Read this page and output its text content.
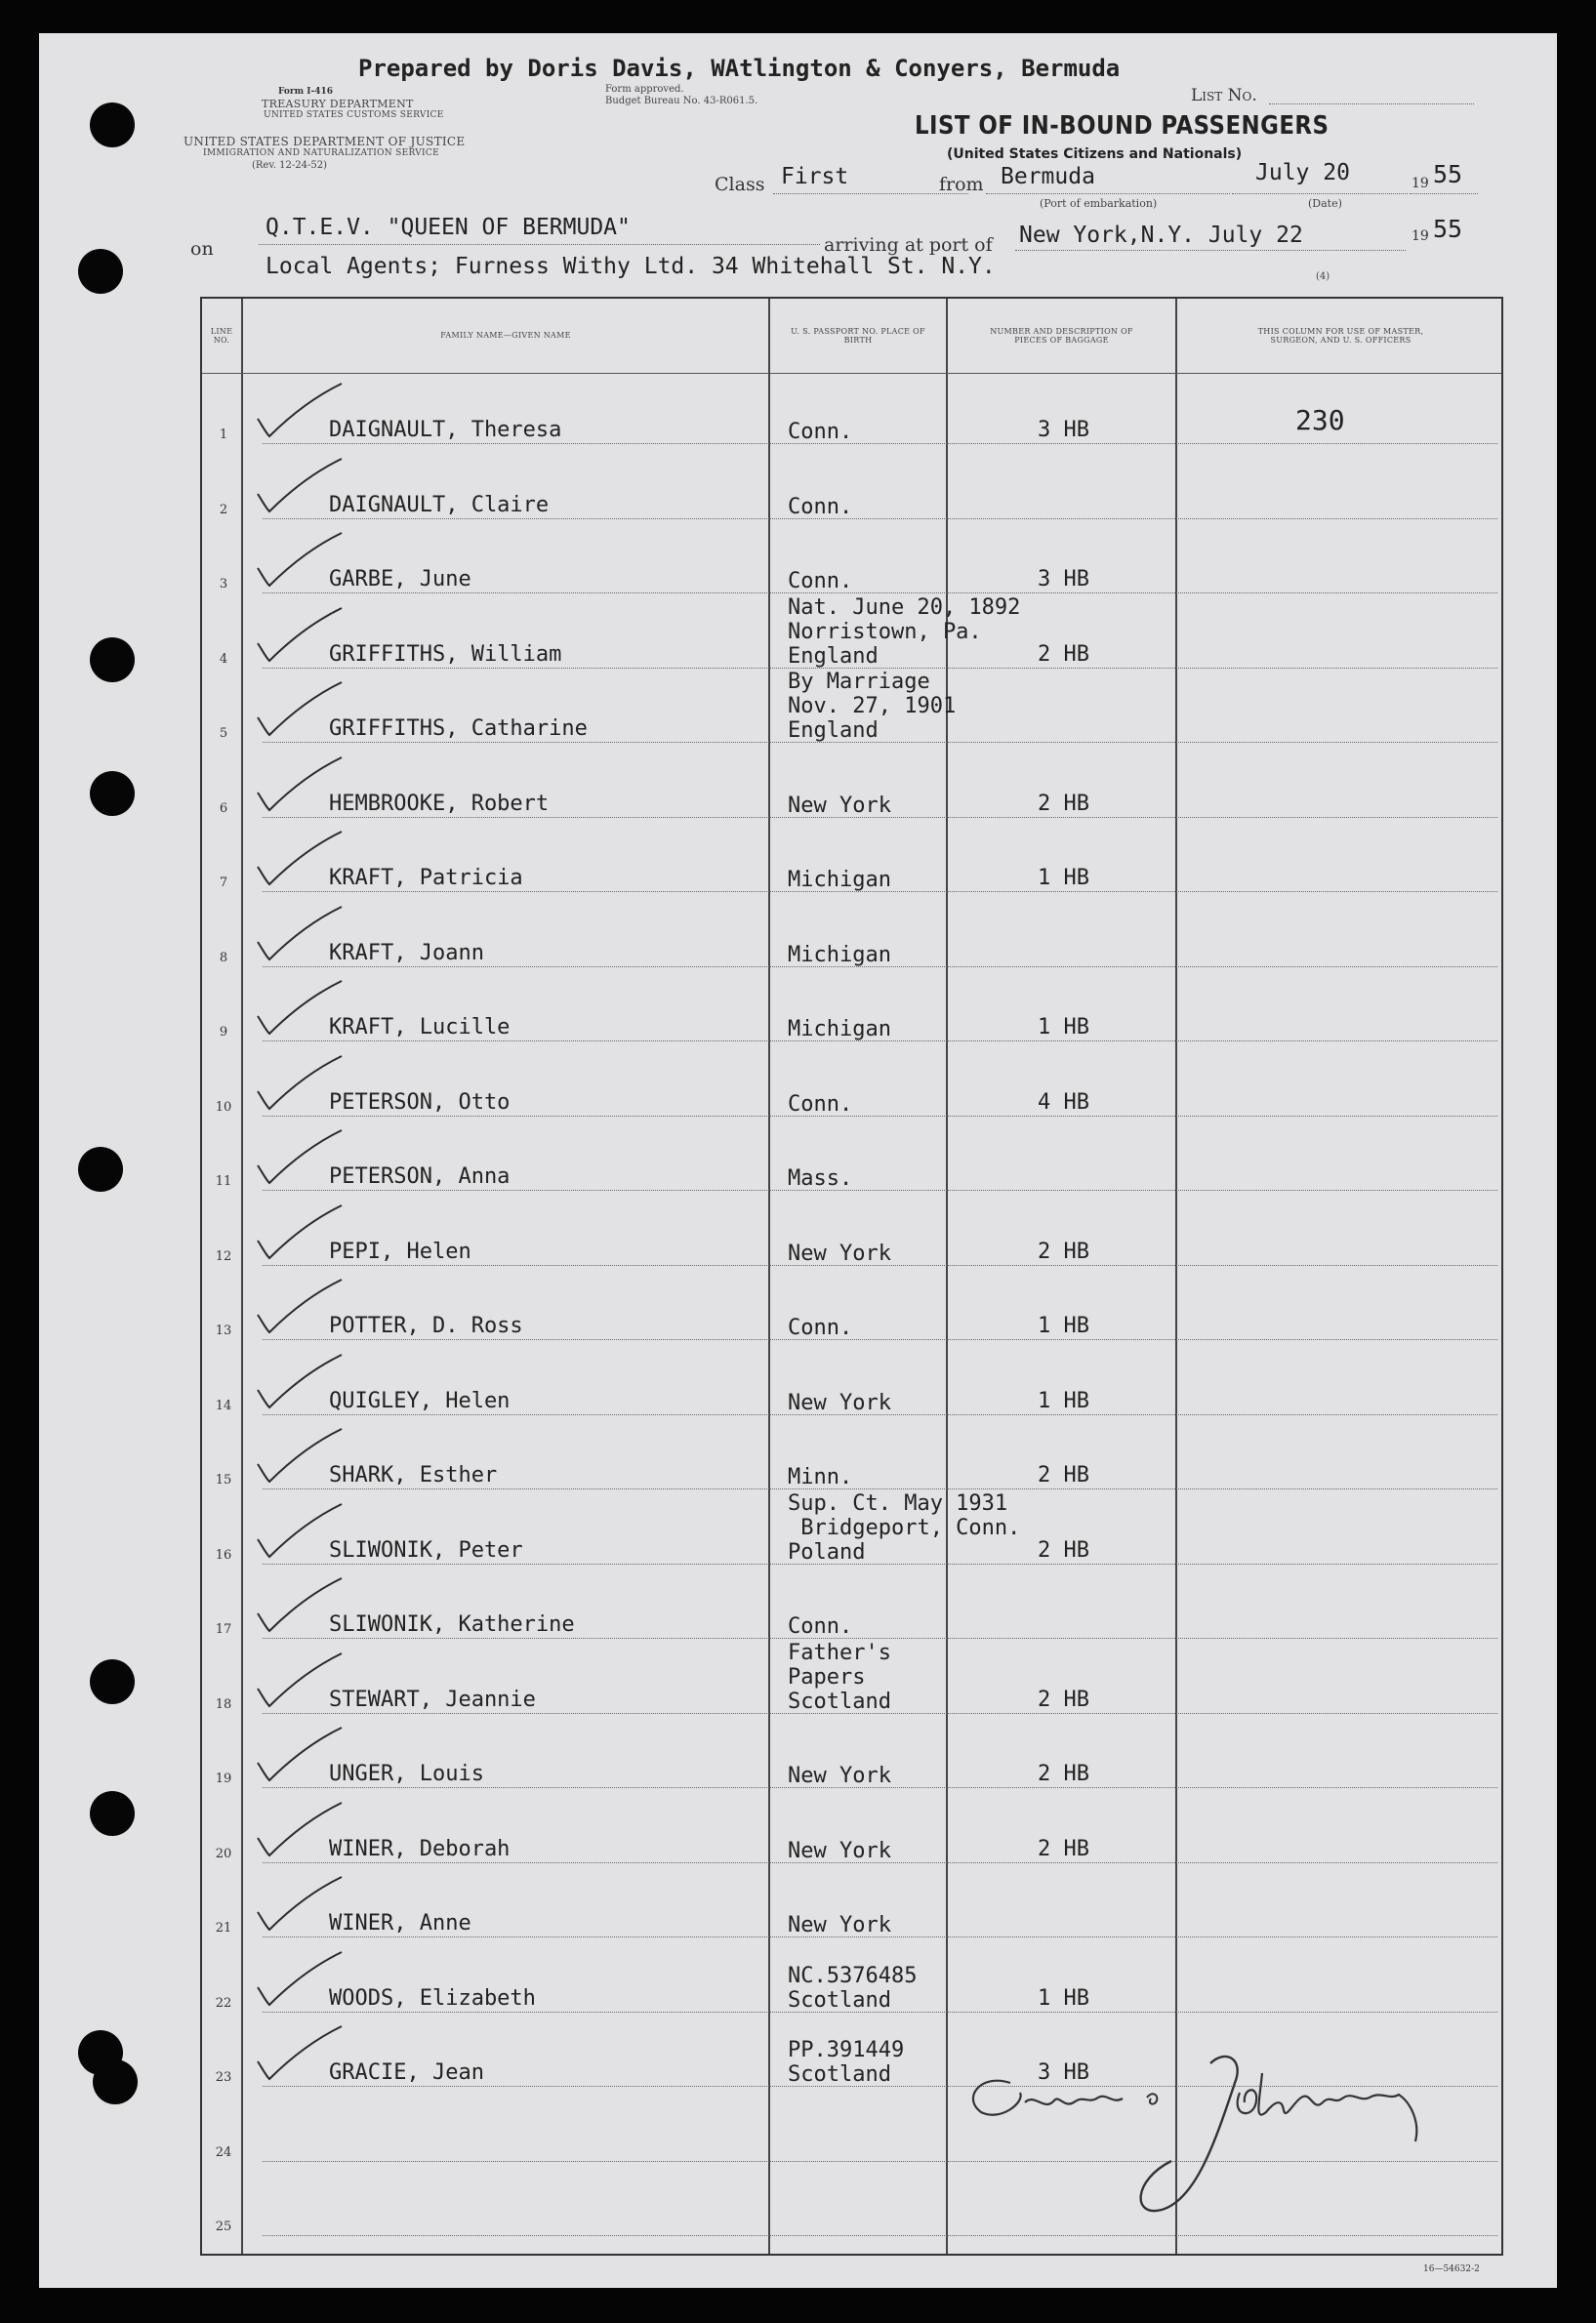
Prepared by Doris Davis, WAtlington & Conyers, Bermuda
Form I-416
TREASURY DEPARTMENT
UNITED STATES CUSTOMS SERVICE
Form approved.
Budget Bureau No. 43-R061.5.	List No.
UNITED STATES DEPARTMENT OF JUSTICE
IMMIGRATION AND NATURALIZATION SERVICE
(Rev. 12-24-52)
LIST OF IN-BOUND PASSENGERS
(United States Citizens and Nationals)
Class First	from Bermuda
(Port of embarkation)
July 20
(Date)
19 55
on
Q.T.E.V. "QUEEN OF BERMUDA"
arriving at port of New York,N.Y. July 22	19 55
Local Agents; Furness Withy Ltd. 34 Whitehall St. N.Y.	(4)
LINE NO.	FAMILY NAME—GIVEN NAME	U. S. PASSPORT NO. PLACE OF BIRTH
NUMBER AND DESCRIPTION OF PIECES OF BAGGAGE
THIS COLUMN FOR USE OF MASTER, SURGEON, AND U. S. OFFICERS
1	DAIGNAULT, Theresa	Conn.	3 HB	230
2	DAIGNAULT, Claire	Conn.
3	GARBE, June	Conn.	3 HB
4	GRIFFITHS, William
Nat. June 20, 1892
Norristown, Pa.
England	2 HB
5	GRIFFITHS, Catharine
By Marriage
Nov. 27, 1901
England
6	HEMBROOKE, Robert	New York	2 HB
7	KRAFT, Patricia	Michigan	1 HB
8	KRAFT, Joann	Michigan
9	KRAFT, Lucille	Michigan	1 HB
10	PETERSON, Otto	Conn.	4 HB
11	PETERSON, Anna	Mass.
12	PEPI, Helen	New York	2 HB
13	POTTER, D. Ross	Conn.	1 HB
14	QUIGLEY, Helen	New York	1 HB
15	SHARK, Esther	Minn.	2 HB
16	SLIWONIK, Peter
Sup. Ct. May 1931
Bridgeport, Conn.
Poland	2 HB
17	SLIWONIK, Katherine	Conn.
18	STEWART, Jeannie
Father's
Papers
Scotland	2 HB
19	UNGER, Louis	New York	2 HB
20	WINER, Deborah	New York	2 HB
21	WINER, Anne	New York
22	WOODS, Elizabeth
NC.5376485
Scotland	1 HB
23	GRACIE, Jean
PP.391449
Scotland	3 HB
24
25
Carla P. Johnson
16—54632-2
